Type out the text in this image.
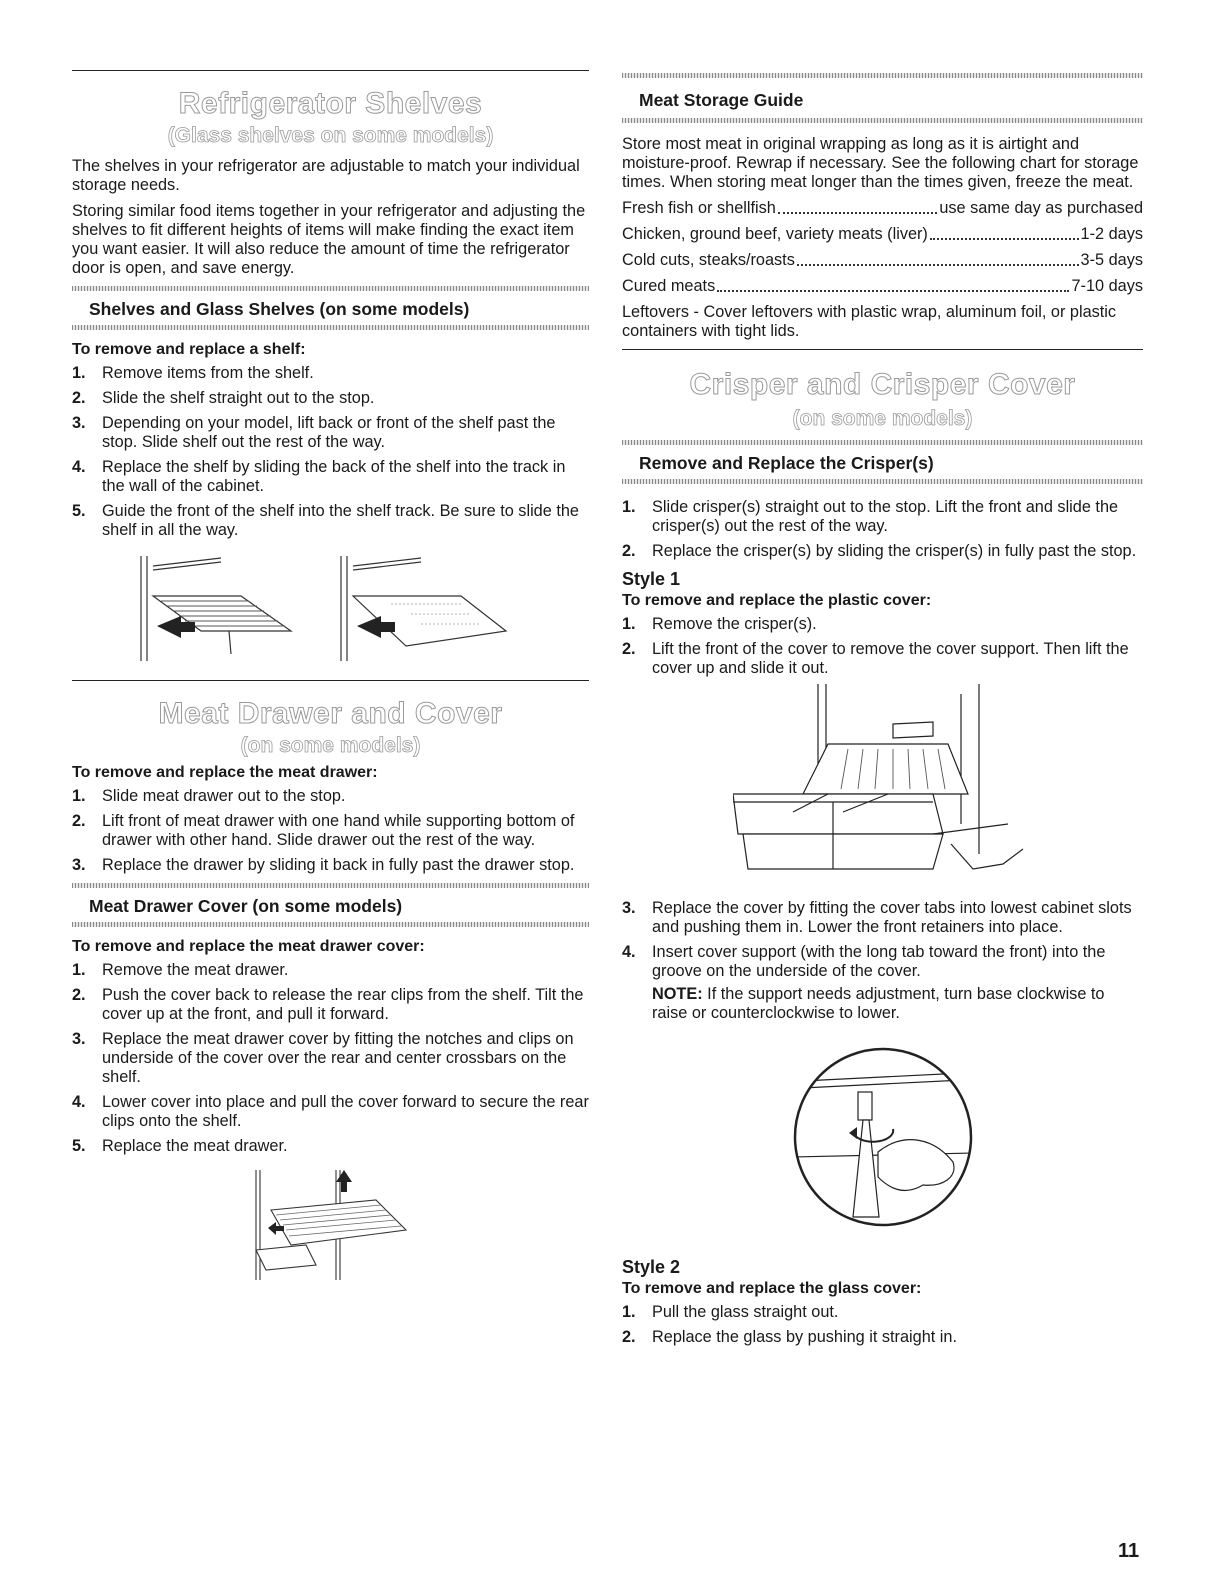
Refrigerator Shelves
(Glass shelves on some models)

The shelves in your refrigerator are adjustable to match your individual storage needs.

Storing similar food items together in your refrigerator and adjusting the shelves to fit different heights of items will make finding the exact item you want easier. It will also reduce the amount of time the refrigerator door is open, and save energy.

Shelves and Glass Shelves (on some models)

To remove and replace a shelf:

1. Remove items from the shelf.
2. Slide the shelf straight out to the stop.
3. Depending on your model, lift back or front of the shelf past the stop. Slide shelf out the rest of the way.
4. Replace the shelf by sliding the back of the shelf into the track in the wall of the cabinet.
5. Guide the front of the shelf into the shelf track. Be sure to slide the shelf in all the way.
Meat Drawer and Cover
(on some models)

To remove and replace the meat drawer:

1. Slide meat drawer out to the stop.
2. Lift front of meat drawer with one hand while supporting bottom of drawer with other hand. Slide drawer out the rest of the way.
3. Replace the drawer by sliding it back in fully past the drawer stop.
Meat Drawer Cover (on some models)

To remove and replace the meat drawer cover:

1. Remove the meat drawer.
2. Push the cover back to release the rear clips from the shelf. Tilt the cover up at the front, and pull it forward.
3. Replace the meat drawer cover by fitting the notches and clips on underside of the cover over the rear and center crossbars on the shelf.
4. Lower cover into place and pull the cover forward to secure the rear clips onto the shelf.
5. Replace the meat drawer.
Meat Storage Guide

Store most meat in original wrapping as long as it is airtight and moisture-proof. Rewrap if necessary. See the following chart for storage times. When storing meat longer than the times given, freeze the meat.

Fresh fish or shellfish	use same day as purchased
Chicken, ground beef, variety meats (liver)	1-2 days
Cold cuts, steaks/roasts	3-5 days
Cured meats	7-10 days

Leftovers - Cover leftovers with plastic wrap, aluminum foil, or plastic containers with tight lids.

Crisper and Crisper Cover
(on some models)
Remove and Replace the Crisper(s)
1. Slide crisper(s) straight out to the stop. Lift the front and slide the crisper(s) out the rest of the way.
2. Replace the crisper(s) by sliding the crisper(s) in fully past the stop.

Style 1

To remove and replace the plastic cover:

1. Remove the crisper(s).
2. Lift the front of the cover to remove the cover support. Then lift the cover up and slide it out.
3. Replace the cover by fitting the cover tabs into lowest cabinet slots and pushing them in. Lower the front retainers into place.
4. Insert cover support (with the long tab toward the front) into the groove on the underside of the cover.

NOTE: If the support needs adjustment, turn base clockwise to raise or counterclockwise to lower.

Style 2

To remove and replace the glass cover:

1. Pull the glass straight out.
2. Replace the glass by pushing it straight in.
11
